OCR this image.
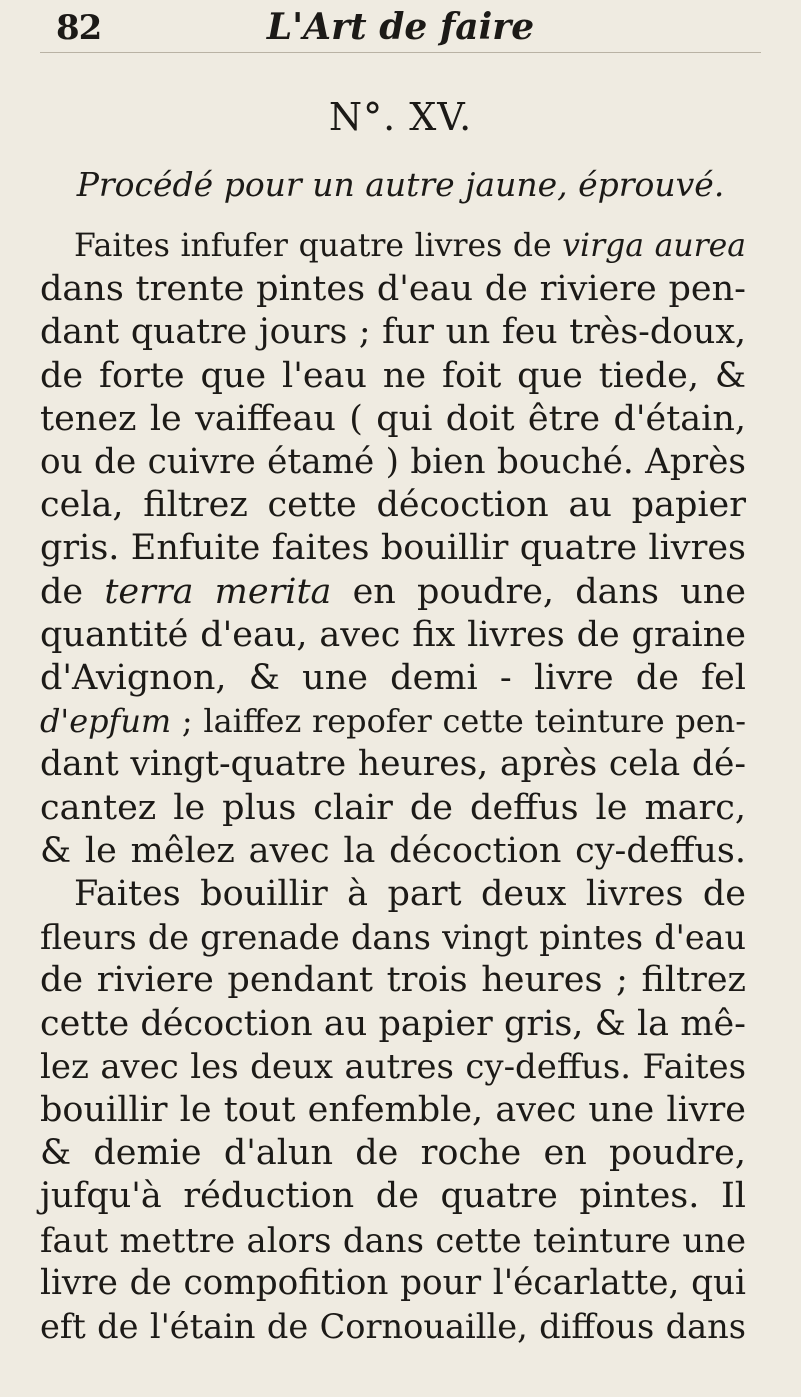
82	L'Art de faire
N°. XV.
Procédé pour un autre jaune, éprouvé.
Faites infufer quatre livres de virga aurea
dans trente pintes d'eau de riviere pen-
dant quatre jours ; fur un feu très-doux,
de forte que l'eau ne foit que tiede, &
tenez le vaiffeau ( qui doit être d'étain,
ou de cuivre étamé ) bien bouché. Après
cela, filtrez cette décoction au papier
gris. Enfuite faites bouillir quatre livres
de terra merita en poudre, dans une
quantité d'eau, avec fix livres de graine
d'Avignon, & une demi - livre de fel
d'epfum ; laiffez repofer cette teinture pen-
dant vingt-quatre heures, après cela dé-
cantez le plus clair de deffus le marc,
& le mêlez avec la décoction cy-deffus.
Faites bouillir à part deux livres de
fleurs de grenade dans vingt pintes d'eau
de riviere pendant trois heures ; filtrez
cette décoction au papier gris, & la mê-
lez avec les deux autres cy-deffus. Faites
bouillir le tout enfemble, avec une livre
& demie d'alun de roche en poudre,
jufqu'à réduction de quatre pintes. Il
faut mettre alors dans cette teinture une
livre de compofition pour l'écarlatte, qui
eft de l'étain de Cornouaille, diffous dans
